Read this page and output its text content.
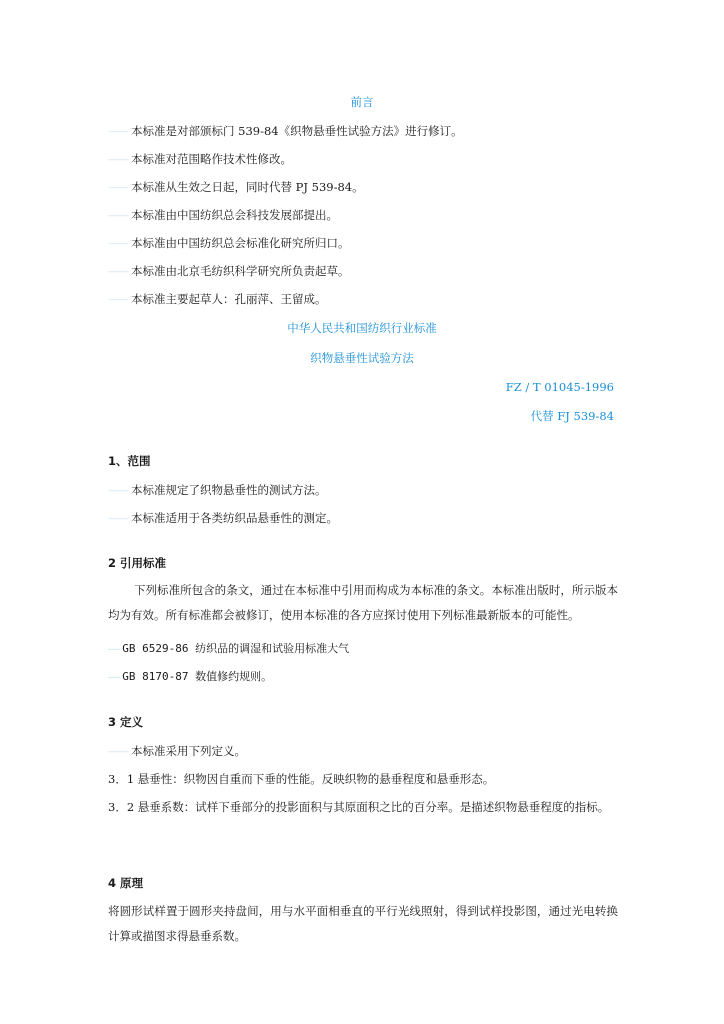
前言
—— 本标准是对部颁标门 539-84《织物悬垂性试验方法》进行修订。
—— 本标准对范围略作技术性修改。
—— 本标准从生效之日起，同时代替 PJ 539-84。
—— 本标准由中国纺织总会科技发展部提出。
—— 本标准由中国纺织总会标准化研究所归口。
—— 本标准由北京毛纺织科学研究所负责起草。
—— 本标准主要起草人：孔丽萍、王留成。
中华人民共和国纺织行业标准
织物悬垂性试验方法
FZ / T 01045-1996
代替 FJ 539-84
1、范围
—— 本标准规定了织物悬垂性的测试方法。
—— 本标准适用于各类纺织品悬垂性的测定。
2 引用标准
下列标准所包含的条文，通过在本标准中引用而构成为本标准的条文。本标准出版时，所示版本均为有效。所有标准都会被修订，使用本标准的各方应探讨使用下列标准最新版本的可能性。
—— GB 6529-86 纺织品的调湿和试验用标准大气
—— GB 8170-87 数值修约规则。
3 定义
—— 本标准采用下列定义。
3．1 悬垂性：织物因自重而下垂的性能。反映织物的悬垂程度和悬垂形态。
3．2 悬垂系数：试样下垂部分的投影面积与其原面积之比的百分率。是描述织物悬垂程度的指标。
4 原理
将圆形试样置于圆形夹持盘间，用与水平面相垂直的平行光线照射，得到试样投影图，通过光电转换计算或描图求得悬垂系数。
